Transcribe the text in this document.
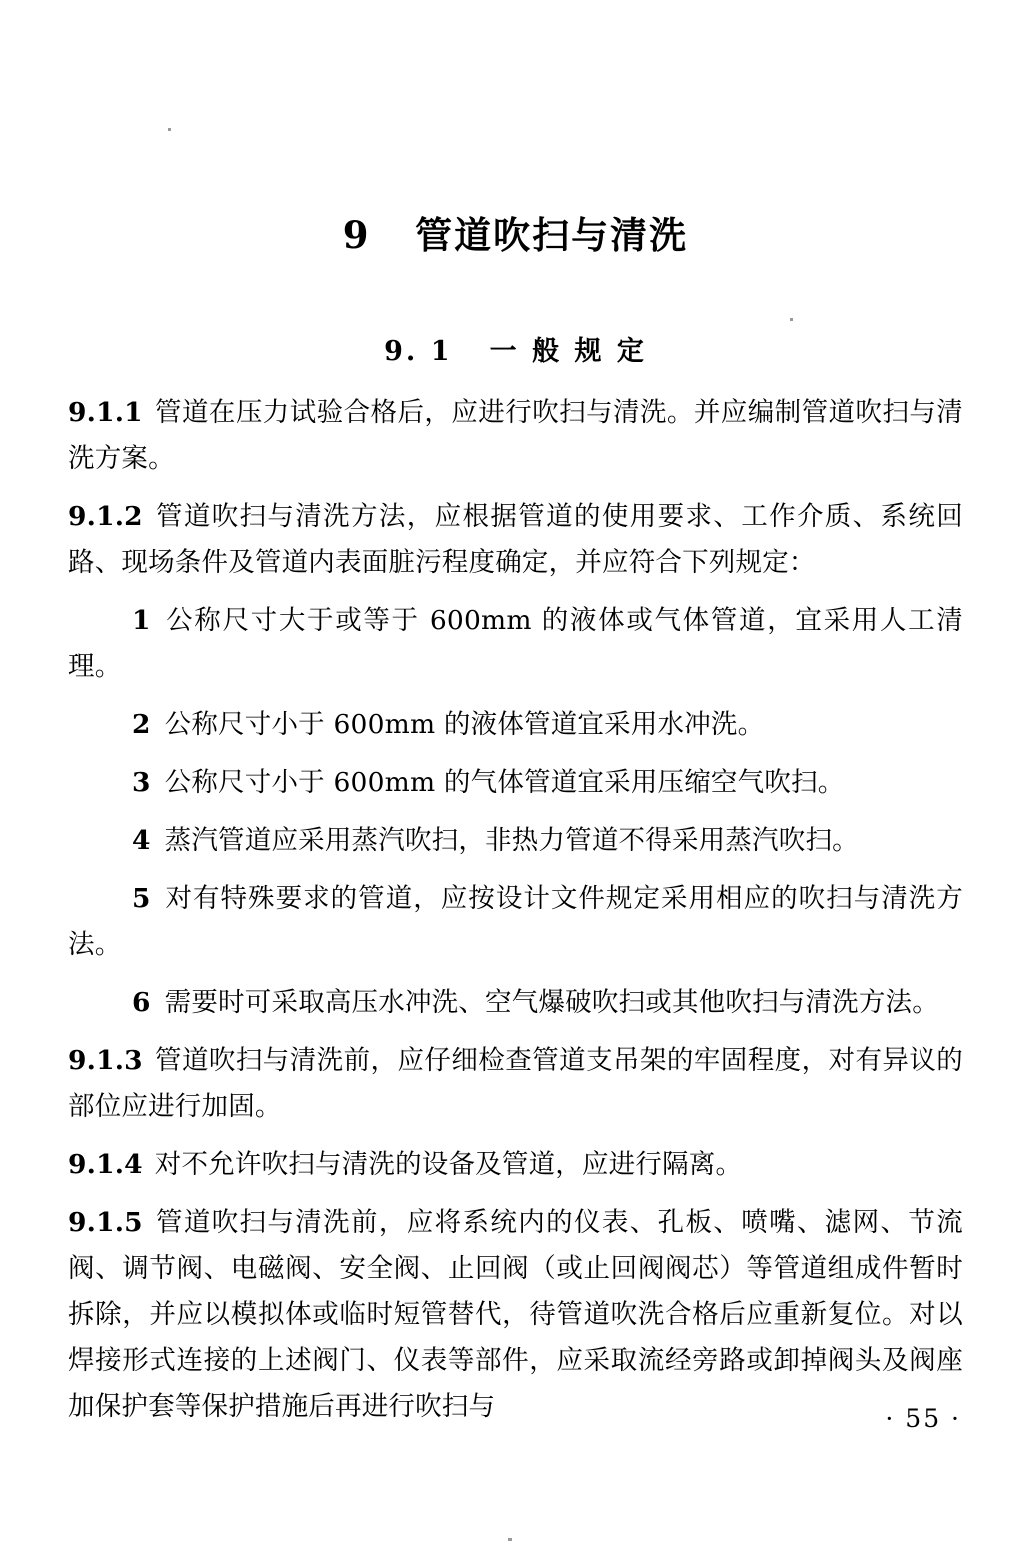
9   管道吹扫与清洗
9. 1   一 般 规 定

9.1.1 管道在压力试验合格后，应进行吹扫与清洗。并应编制管道吹扫与清洗方案。

9.1.2 管道吹扫与清洗方法，应根据管道的使用要求、工作介质、系统回路、现场条件及管道内表面脏污程度确定，并应符合下列规定：

1 公称尺寸大于或等于 600mm 的液体或气体管道，宜采用人工清理。

2 公称尺寸小于 600mm 的液体管道宜采用水冲洗。

3 公称尺寸小于 600mm 的气体管道宜采用压缩空气吹扫。

4 蒸汽管道应采用蒸汽吹扫，非热力管道不得采用蒸汽吹扫。

5 对有特殊要求的管道，应按设计文件规定采用相应的吹扫与清洗方法。

6 需要时可采取高压水冲洗、空气爆破吹扫或其他吹扫与清洗方法。

9.1.3 管道吹扫与清洗前，应仔细检查管道支吊架的牢固程度，对有异议的部位应进行加固。

9.1.4 对不允许吹扫与清洗的设备及管道，应进行隔离。

9.1.5 管道吹扫与清洗前，应将系统内的仪表、孔板、喷嘴、滤网、节流阀、调节阀、电磁阀、安全阀、止回阀（或止回阀阀芯）等管道组成件暂时拆除，并应以模拟体或临时短管替代，待管道吹洗合格后应重新复位。对以焊接形式连接的上述阀门、仪表等部件，应采取流经旁路或卸掉阀头及阀座加保护套等保护措施后再进行吹扫与	· 55 ·
